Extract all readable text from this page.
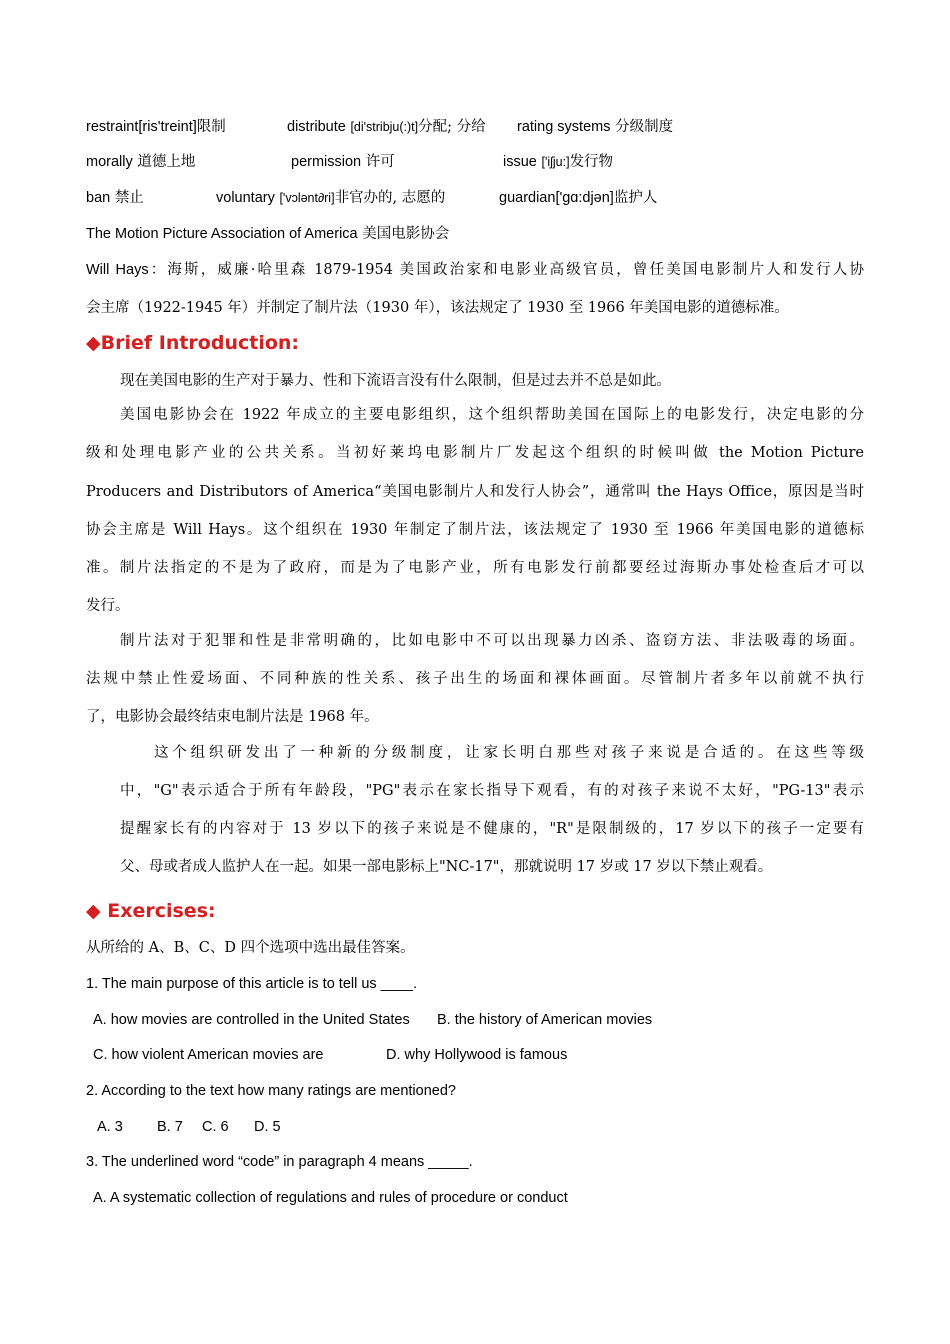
restraint[ris'treint]限制	distribute [di'stribju(:)t]分配; 分给 rating systems 分级制度
morally 道德上地	permission 许可	issue ['iʃju:]发行物
ban 禁止	voluntary ['vɔlənt∂ri]非官办的, 志愿的	guardian['gɑ:djən]监护人
The Motion Picture Association of America 美国电影协会
Will Hays：海斯，威廉·哈里森 1879-1954 美国政治家和电影业高级官员，曾任美国电影制片人和发行人协
会主席（1922-1945 年）并制定了制片法（1930 年），该法规定了 1930 至 1966 年美国电影的道德标准。
◆Brief Introduction:
现在美国电影的生产对于暴力、性和下流语言没有什么限制，但是过去并不总是如此。
美国电影协会在 1922 年成立的主要电影组织，这个组织帮助美国在国际上的电影发行，决定电影的分
级和处理电影产业的公共关系。当初好莱坞电影制片厂发起这个组织的时候叫做 the Motion Picture
Producers and Distributors of America“美国电影制片人和发行人协会”，通常叫 the Hays Office，原因是当时
协会主席是 Will Hays。这个组织在 1930 年制定了制片法，该法规定了 1930 至 1966 年美国电影的道德标
准。制片法指定的不是为了政府，而是为了电影产业，所有电影发行前都要经过海斯办事处检查后才可以
发行。
制片法对于犯罪和性是非常明确的，比如电影中不可以出现暴力凶杀、盗窃方法、非法吸毒的场面。
法规中禁止性爱场面、不同种族的性关系、孩子出生的场面和裸体画面。尽管制片者多年以前就不执行
了，电影协会最终结束电制片法是 1968 年。
这个组织研发出了一种新的分级制度，让家长明白那些对孩子来说是合适的。在这些等级
中，"G"表示适合于所有年龄段，"PG"表示在家长指导下观看，有的对孩子来说不太好，"PG-13"表示
提醒家长有的内容对于 13 岁以下的孩子来说是不健康的，"R"是限制级的，17 岁以下的孩子一定要有
父、母或者成人监护人在一起。如果一部电影标上"NC-17"，那就说明 17 岁或 17 岁以下禁止观看。
◆ Exercises:
从所给的 A、B、C、D 四个选项中选出最佳答案。
1. The main purpose of this article is to tell us ____.
A. how movies are controlled in the United States B. the history of American movies
C. how violent American movies are	D. why Hollywood is famous
2. According to the text how many ratings are mentioned?
A. 3 B. 7 C. 6 D. 5
3. The underlined word “code” in paragraph 4 means _____.
A. A systematic collection of regulations and rules of procedure or conduct
